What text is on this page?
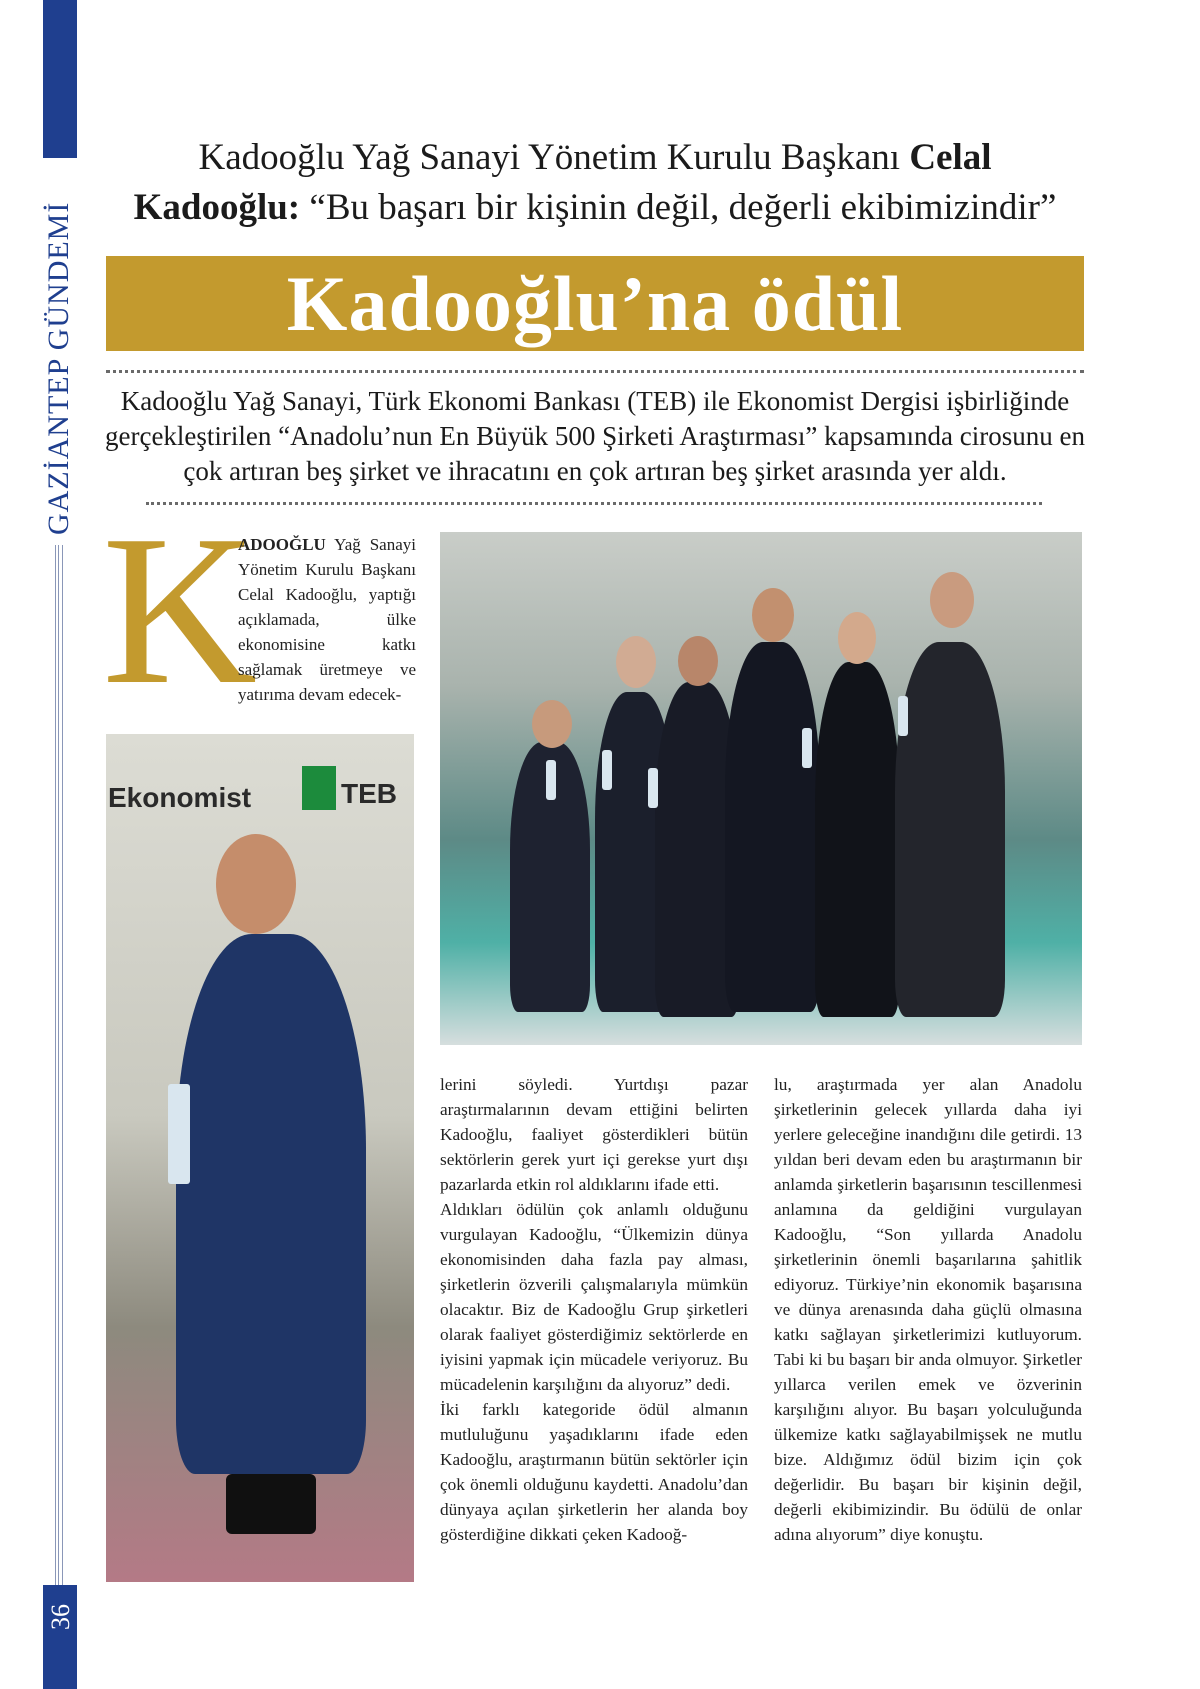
BOSS
GAZİANTEP GÜNDEMİ
36
Kadooğlu Yağ Sanayi Yönetim Kurulu Başkanı Celal
Kadooğlu: “Bu başarı bir kişinin değil, değerli ekibimizindir”
Kadooğlu’na ödül
Kadooğlu Yağ Sanayi, Türk Ekonomi Bankası (TEB) ile Ekonomist Dergisi işbirliğinde gerçekleştirilen “Anadolu’nun En Büyük 500 Şirketi Araştırması” kapsamında cirosunu en çok artıran beş şirket ve ihracatını en çok artıran beş şirket arasında yer aldı.
K
ADOOĞLU Yağ Sanayi Yönetim Kurulu Başkanı Celal Kadooğlu, yaptığı açıklamada, ülke ekonomisine katkı sağlamak üretmeye ve yatırıma devam edecek-
Ekonomist	TEB

lerini söyledi. Yurtdışı pazar araştırmalarının devam ettiğini belirten Kadooğlu, faaliyet gösterdikleri bütün sektörlerin gerek yurt içi gerekse yurt dışı pazarlarda etkin rol aldıklarını ifade etti.

Aldıkları ödülün çok anlamlı olduğunu vurgulayan Kadooğlu, “Ülkemizin dünya ekonomisinden daha fazla pay alması, şirketlerin özverili çalışmalarıyla mümkün olacaktır. Biz de Kadooğlu Grup şirketleri olarak faaliyet gösterdiğimiz sektörlerde en iyisini yapmak için mücadele veriyoruz. Bu mücadelenin karşılığını da alıyoruz” dedi.

İki farklı kategoride ödül almanın mutluluğunu yaşadıklarını ifade eden Kadooğlu, araştırmanın bütün sektörler için çok önemli olduğunu kaydetti. Anadolu’dan dünyaya açılan şirketlerin her alanda boy gösterdiğine dikkati çeken Kadooğ-

lu, araştırmada yer alan Anadolu şirketlerinin gelecek yıllarda daha iyi yerlere geleceğine inandığını dile getirdi. 13 yıldan beri devam eden bu araştırmanın bir anlamda şirketlerin başarısının tescillenmesi anlamına da geldiğini vurgulayan Kadooğlu, “Son yıllarda Anadolu şirketlerinin önemli başarılarına şahitlik ediyoruz. Türkiye’nin ekonomik başarısına ve dünya arenasında daha güçlü olmasına katkı sağlayan şirketlerimizi kutluyorum. Tabi ki bu başarı bir anda olmuyor. Şirketler yıllarca verilen emek ve özverinin karşılığını alıyor. Bu başarı yolculuğunda ülkemize katkı sağlayabilmişsek ne mutlu bize. Aldığımız ödül bizim için çok değerlidir. Bu başarı bir kişinin değil, değerli ekibimizindir. Bu ödülü de onlar adına alıyorum” diye konuştu.
